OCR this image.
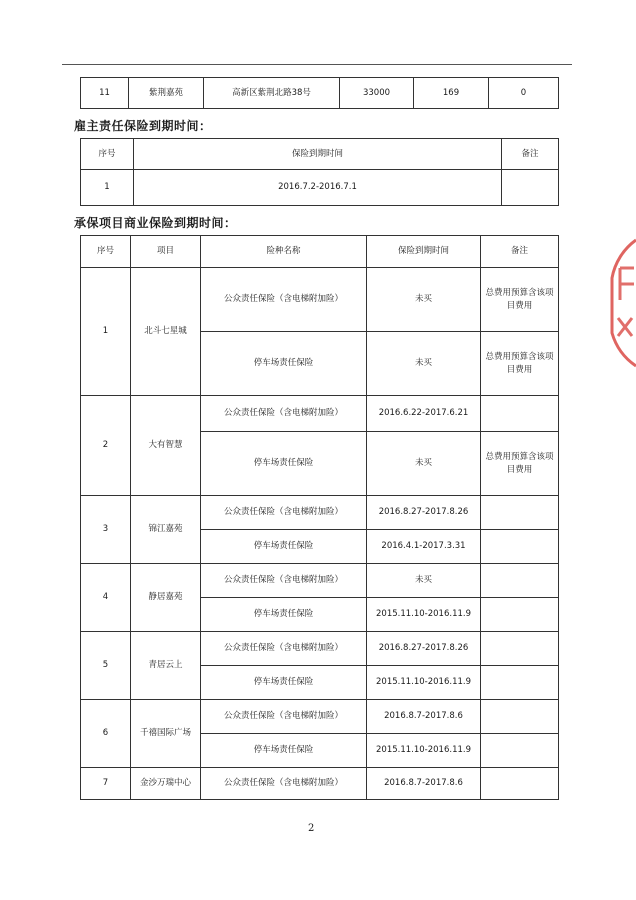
11	紫荆嘉苑	高新区紫荆北路38号	33000	169	0
雇主责任保险到期时间：
序号	保险到期时间	备注
1	2016.7.2-2016.7.1	
承保项目商业保险到期时间：
序号	项目	险种名称	保险到期时间	备注
1	北斗七星城	公众责任保险（含电梯附加险）	未买	总费用预算含该项目费用
		停车场责任保险	未买	总费用预算含该项目费用
2	大有智慧	公众责任保险（含电梯附加险）	2016.6.22-2017.6.21	
		停车场责任保险	未买	总费用预算含该项目费用
3	锦江嘉苑	公众责任保险（含电梯附加险）	2016.8.27-2017.8.26	
		停车场责任保险	2016.4.1-2017.3.31	
4	静居嘉苑	公众责任保险（含电梯附加险）	未买	
		停车场责任保险	2015.11.10-2016.11.9	
5	青居云上	公众责任保险（含电梯附加险）	2016.8.27-2017.8.26	
		停车场责任保险	2015.11.10-2016.11.9	
6	千禧国际广场	公众责任保险（含电梯附加险）	2016.8.7-2017.8.6	
		停车场责任保险	2015.11.10-2016.11.9	
7	金沙万瑞中心	公众责任保险（含电梯附加险）	2016.8.7-2017.8.6	
2
